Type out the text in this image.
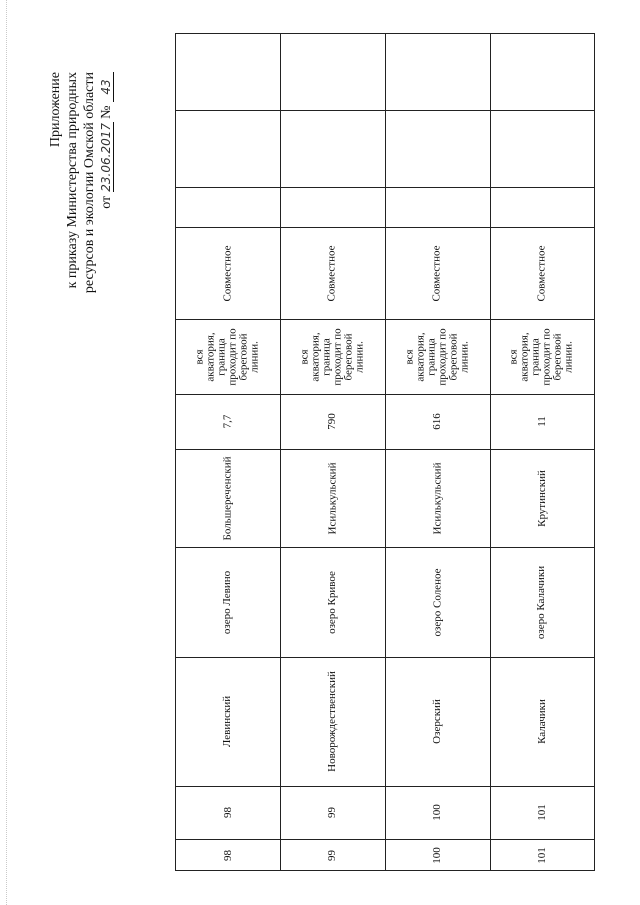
Приложение к приказу Министерства природных ресурсов и экологии Омской области от 23.06.2017 № 43
Совместное
вся акватория, граница проходит по береговой линии.
7,7
Большереченский
озеро Левино
Левинский
98
98
Совместное
вся акватория, граница проходит по береговой линии.
790
Исилькульский
озеро Кривое
Новорождественский
99
99
Совместное
вся акватория, граница проходит по береговой линии.
616
Исилькульский
озеро Соленое
Озерский
100
100
Совместное
вся акватория, граница проходит по береговой линии.
11
Крутинский
озеро Калачики
Калачики
101
101
